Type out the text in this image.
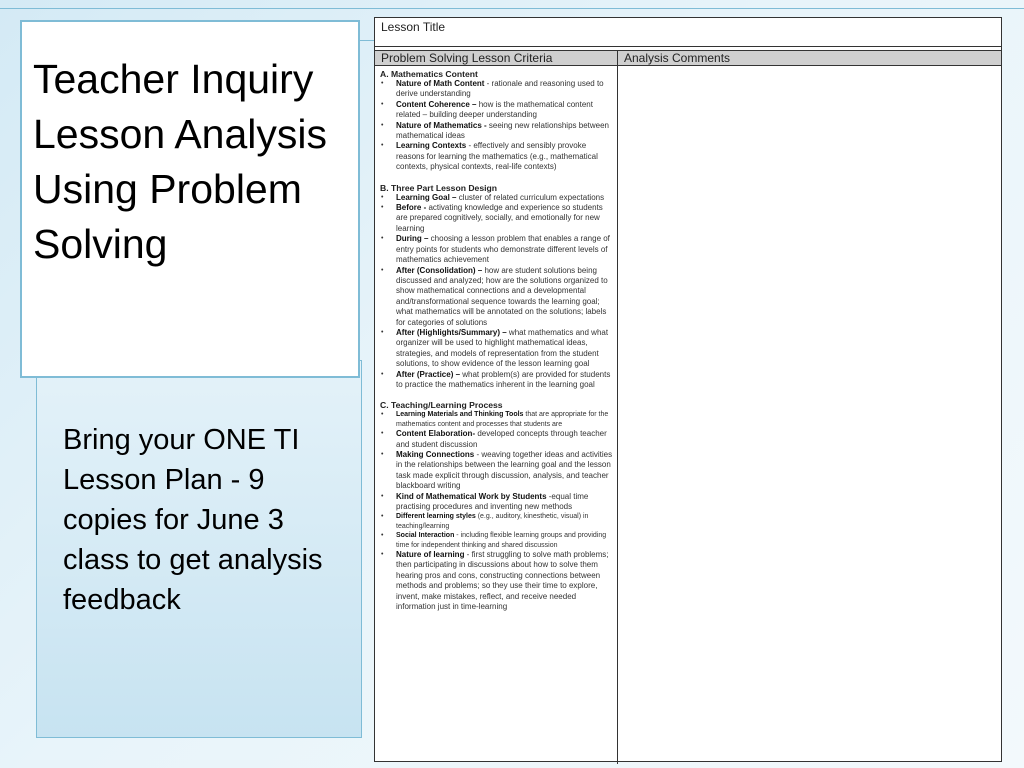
Teacher Inquiry Lesson Analysis Using Problem Solving
Bring your ONE TI Lesson Plan - 9 copies for June 3 class to get analysis feedback
Lesson Title
Problem Solving Lesson Criteria	Analysis Comments
A. Mathematics Content
• Nature of Math Content - rationale and reasoning used to derive understanding
• Content Coherence – how is the mathematical content related – building deeper understanding
• Nature of Mathematics - seeing new relationships between mathematical ideas
• Learning Contexts - effectively and sensibly provoke reasons for learning the mathematics (e.g., mathematical contexts, physical contexts, real-life contexts)
B. Three Part Lesson Design
• Learning Goal – cluster of related curriculum expectations
• Before - activating knowledge and experience so students are prepared cognitively, socially, and emotionally for new learning
• During – choosing a lesson problem that enables a range of entry points for students who demonstrate different levels of mathematics achievement
• After (Consolidation) – how are student solutions being discussed and analyzed; how are the solutions organized to show mathematical connections and a developmental and/transformational sequence towards the learning goal; what mathematics will be annotated on the solutions; labels for categories of solutions
• After (Highlights/Summary) – what mathematics and what organizer will be used to highlight mathematical ideas, strategies, and models of representation from the student solutions, to show evidence of the lesson learning goal
• After (Practice) – what problem(s) are provided for students to practice the mathematics inherent in the learning goal
C. Teaching/Learning Process
• Learning Materials and Thinking Tools that are appropriate for the mathematics content and processes that students are
• Content Elaboration- developed concepts through teacher and student discussion
• Making Connections - weaving together ideas and activities in the relationships between the learning goal and the lesson task made explicit through discussion, analysis, and teacher blackboard writing
• Kind of Mathematical Work by Students -equal time practising procedures and inventing new methods
• Different learning styles (e.g., auditory, kinesthetic, visual) in teaching/learning
• Social Interaction - including flexible learning groups and providing time for independent thinking and shared discussion
• Nature of learning - first struggling to solve math problems; then participating in discussions about how to solve them hearing pros and cons, constructing connections between methods and problems; so they use their time to explore, invent, make mistakes, reflect, and receive needed information just in time-learning
